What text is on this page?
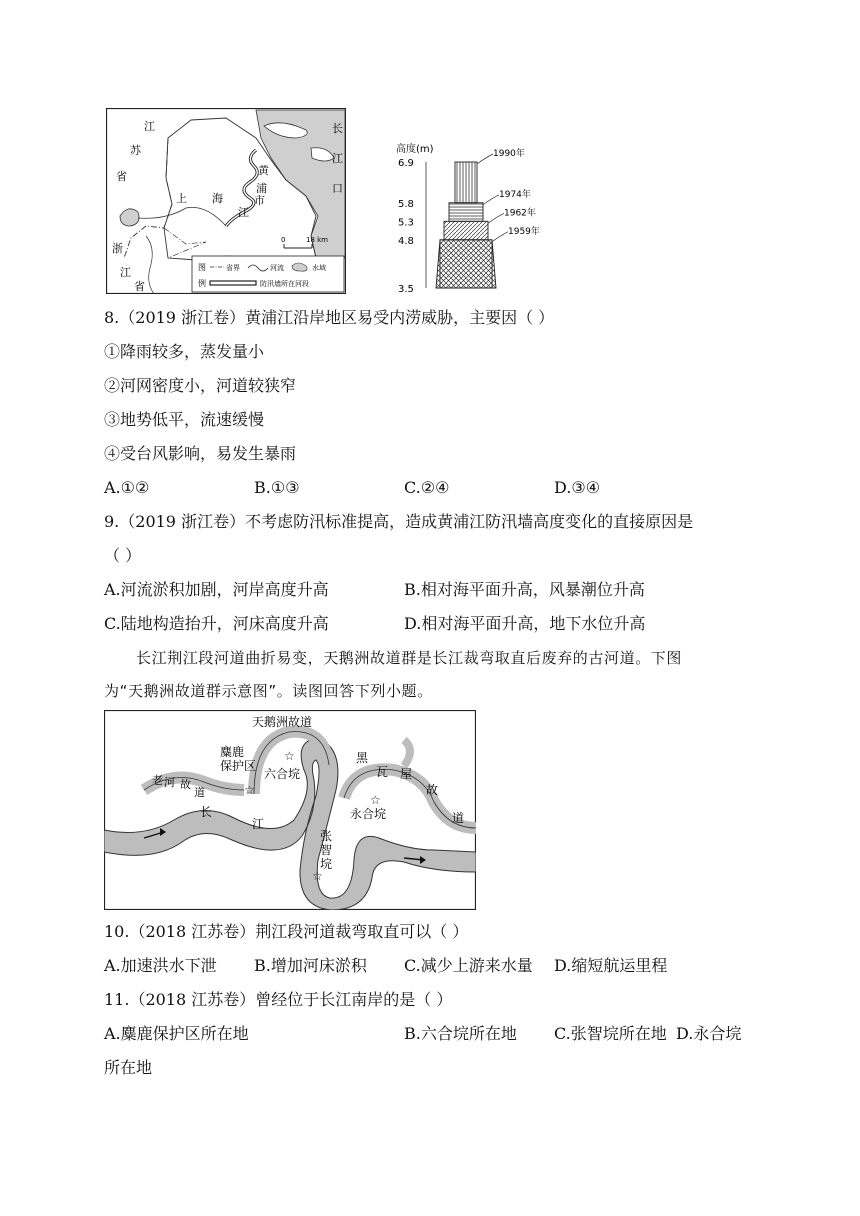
江
苏
省
浙
江
省
上 海	市
黄
浦
江
长
江
口
0	18 km
图
例
省界	河流	水域
防汛墙所在河段
高度(m)
6.9
5.8
5.3
4.8
3.5
1990年
1974年
1962年
1959年
8.（2019 浙江卷）黄浦江沿岸地区易受内涝威胁，主要因（ ）
①降雨较多，蒸发量小
②河网密度小，河道较狭窄
③地势低平，流速缓慢
④受台风影响，易发生暴雨
A.①②	B.①③	C.②④	D.③④
9.（2019 浙江卷）不考虑防汛标准提高，造成黄浦江防汛墙高度变化的直接原因是
（ ）
A.河流淤积加剧，河岸高度升高	B.相对海平面升高，风暴潮位升高
C.陆地构造抬升，河床高度升高	D.相对海平面升高，地下水位升高
长江荆江段河道曲折易变，天鹅洲故道群是长江裁弯取直后废弃的古河道。下图
为“天鹅洲故道群示意图”。读图回答下列小题。
☆
☆
☆
☆
天鹅洲故道
麋鹿
保护区
六合垸
永合垸
张
智
垸
老 河 故
道
黑
瓦 屋
故
道
长
江
10.（2018 江苏卷）荆江段河道裁弯取直可以（ ）
A.加速洪水下泄 B.增加河床淤积 C.减少上游来水量 D.缩短航运里程
11.（2018 江苏卷）曾经位于长江南岸的是（ ）
A.麋鹿保护区所在地	B.六合垸所在地 C.张智垸所在地 D.永合垸
所在地
